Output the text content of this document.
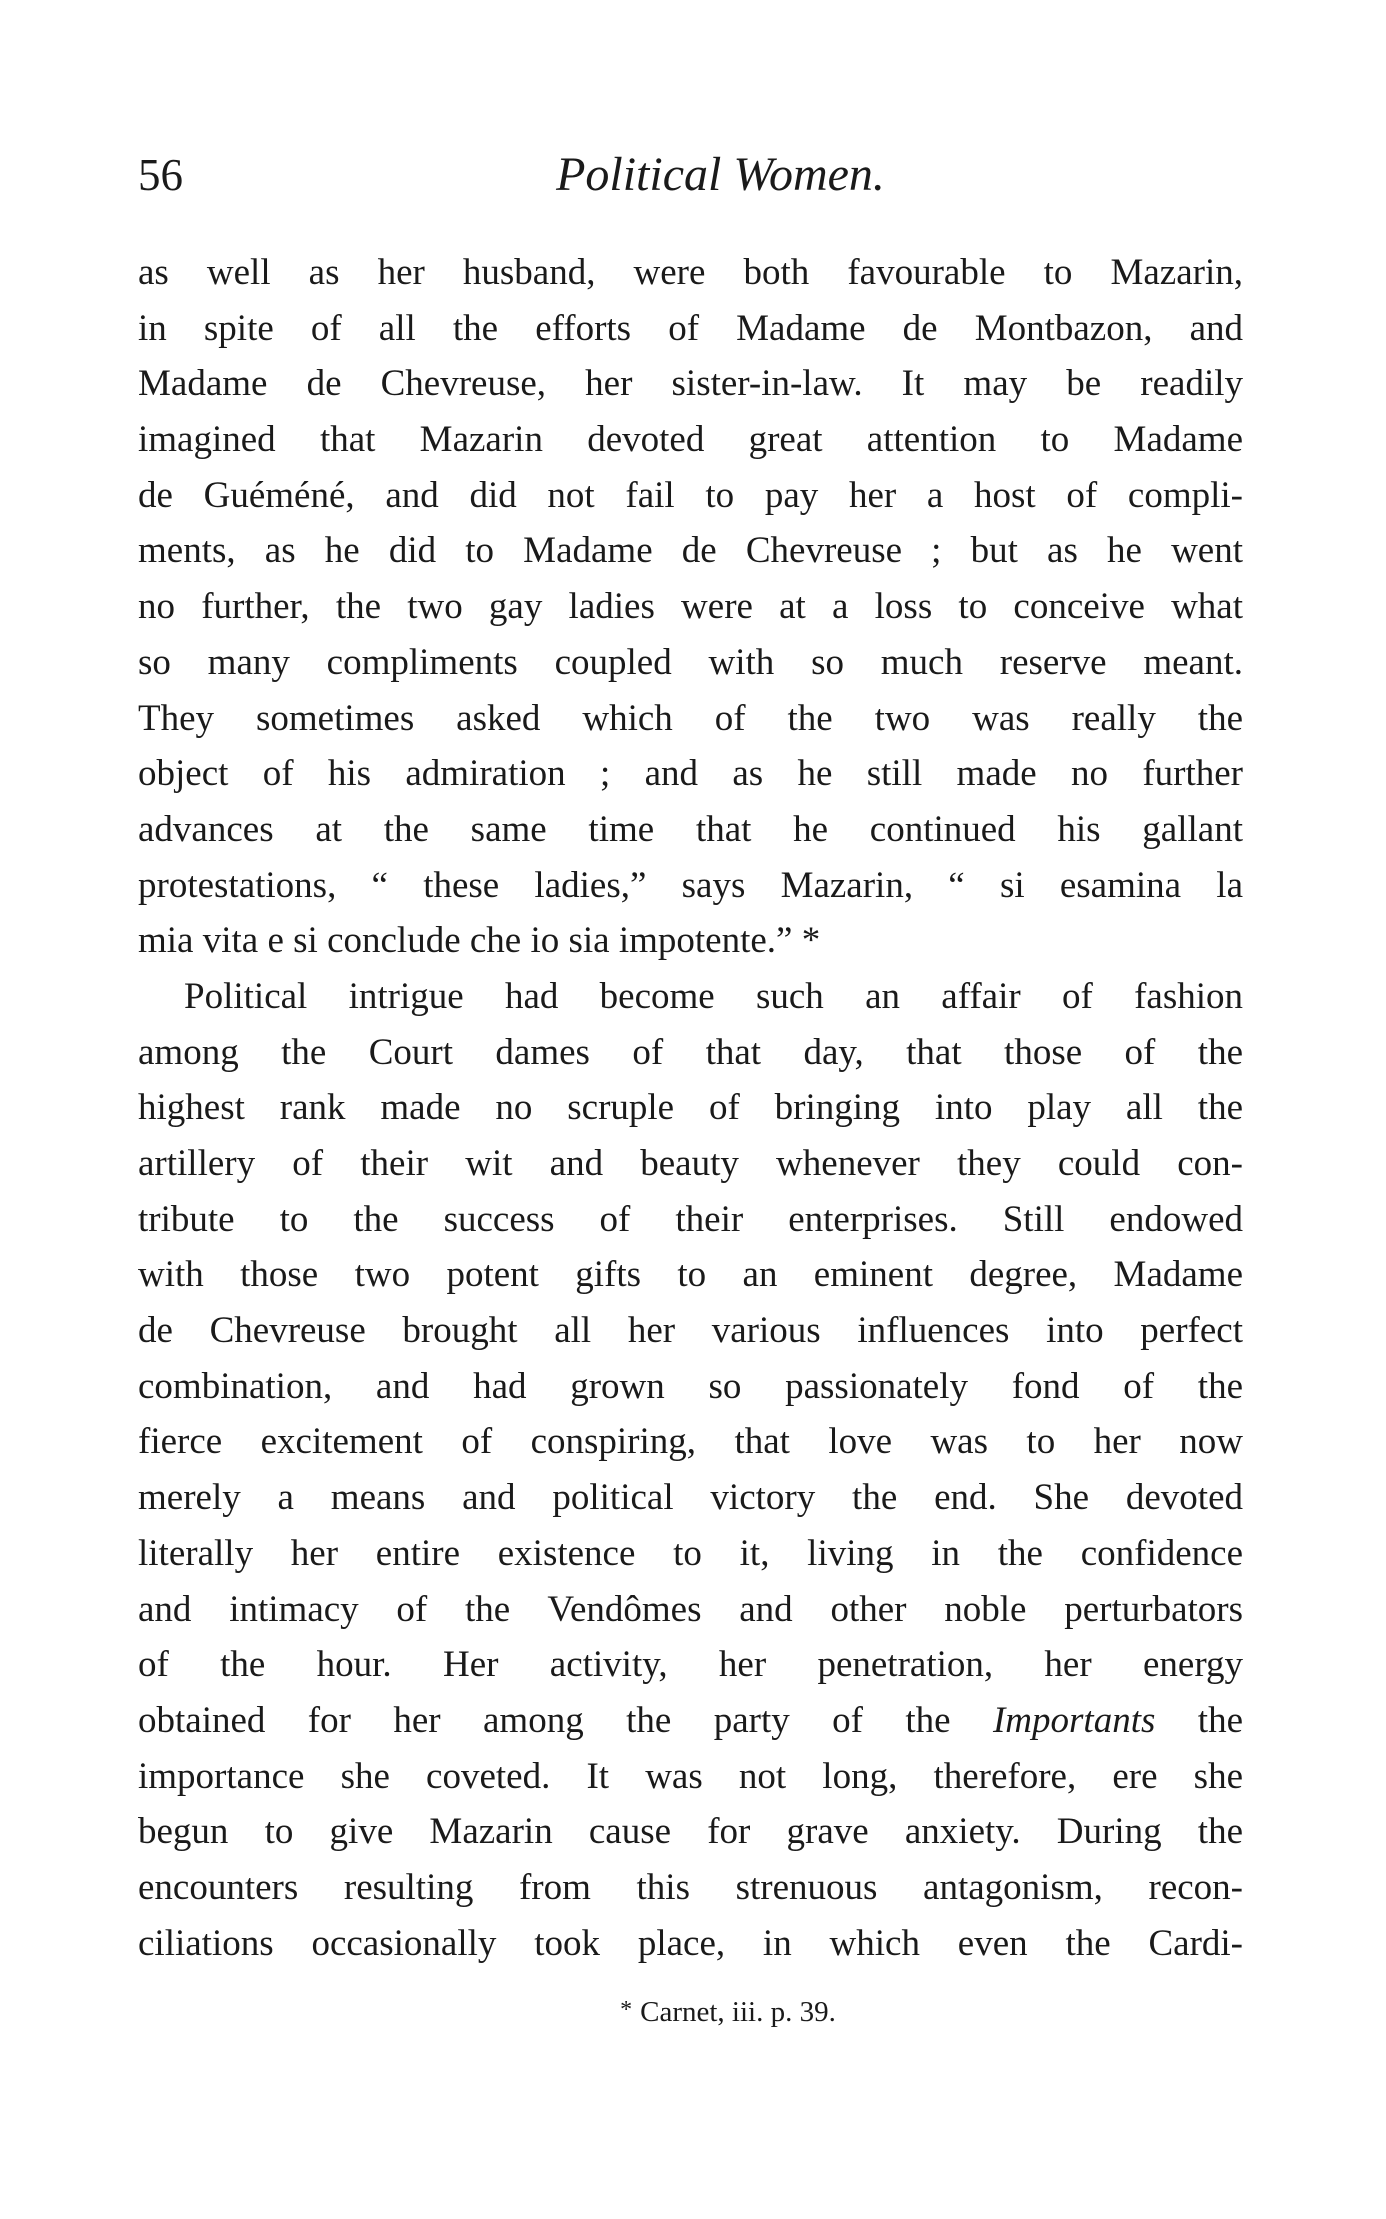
56	Political Women.
as well as her husband, were both favourable to Mazarin,
in spite of all the efforts of Madame de Montbazon, and
Madame de Chevreuse, her sister-in-law. It may be readily
imagined that Mazarin devoted great attention to Madame
de Guéméné, and did not fail to pay her a host of compli-
ments, as he did to Madame de Chevreuse ; but as he went
no further, the two gay ladies were at a loss to conceive what
so many compliments coupled with so much reserve meant.
They sometimes asked which of the two was really the
object of his admiration ; and as he still made no further
advances at the same time that he continued his gallant
protestations, “ these ladies,” says Mazarin, “ si esamina la
mia vita e si conclude che io sia impotente.” *
Political intrigue had become such an affair of fashion
among the Court dames of that day, that those of the
highest rank made no scruple of bringing into play all the
artillery of their wit and beauty whenever they could con-
tribute to the success of their enterprises. Still endowed
with those two potent gifts to an eminent degree, Madame
de Chevreuse brought all her various influences into perfect
combination, and had grown so passionately fond of the
fierce excitement of conspiring, that love was to her now
merely a means and political victory the end. She devoted
literally her entire existence to it, living in the confidence
and intimacy of the Vendômes and other noble perturbators
of the hour. Her activity, her penetration, her energy
obtained for her among the party of the Importants the
importance she coveted. It was not long, therefore, ere she
begun to give Mazarin cause for grave anxiety. During the
encounters resulting from this strenuous antagonism, recon-
ciliations occasionally took place, in which even the Cardi-
* Carnet, iii. p. 39.
